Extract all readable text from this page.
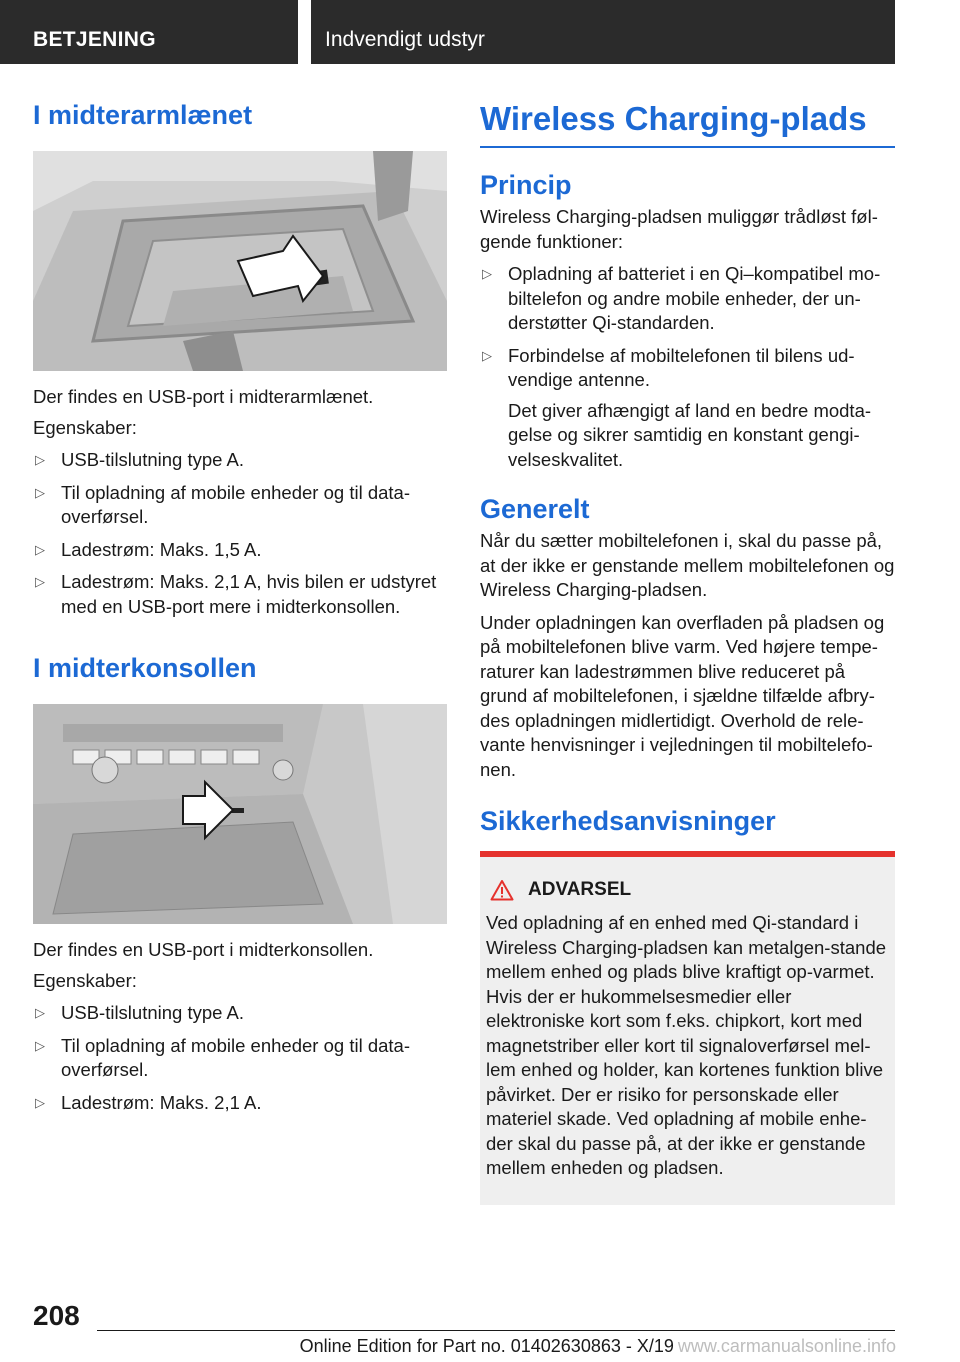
BETJENING	Indvendigt udstyr
I midterarmlænet

Der findes en USB-port i midterarmlænet.

Egenskaber:

▷ USB-tilslutning type A.
▷ Til opladning af mobile enheder og til data-overførsel.
▷ Ladestrøm: Maks. 1,5 A.
▷ Ladestrøm: Maks. 2,1 A, hvis bilen er udstyret med en USB-port mere i midterkonsollen.
I midterkonsollen

Der findes en USB-port i midterkonsollen.

Egenskaber:

▷ USB-tilslutning type A.
▷ Til opladning af mobile enheder og til data-overførsel.
▷ Ladestrøm: Maks. 2,1 A.
Wireless Charging-plads
Princip

Wireless Charging-pladsen muliggør trådløst føl-gende funktioner:

▷ Opladning af batteriet i en Qi–kompatibel mo-biltelefon og andre mobile enheder, der un-derstøtter Qi-standarden.
▷ Forbindelse af mobiltelefonen til bilens ud-vendige antenne.

Det giver afhængigt af land en bedre modta-gelse og sikrer samtidig en konstant gengi-velseskvalitet.

Generelt

Når du sætter mobiltelefonen i, skal du passe på, at der ikke er genstande mellem mobiltelefonen og Wireless Charging-pladsen.

Under opladningen kan overfladen på pladsen og på mobiltelefonen blive varm. Ved højere tempe-raturer kan ladestrømmen blive reduceret på grund af mobiltelefonen, i sjældne tilfælde afbry-des opladningen midlertidigt. Overhold de rele-vante henvisninger i vejledningen til mobiltelefo-nen.

Sikkerhedsanvisninger
ADVARSEL

Ved opladning af en enhed med Qi-standard i Wireless Charging-pladsen kan metalgen-stande mellem enhed og plads blive kraftigt op-varmet. Hvis der er hukommelsesmedier eller elektroniske kort som f.eks. chipkort, kort med magnetstriber eller kort til signaloverførsel mel-lem enhed og holder, kan kortenes funktion blive påvirket. Der er risiko for personskade eller materiel skade. Ved opladning af mobile enhe-der skal du passe på, at der ikke er genstande mellem enheden og pladsen.

208
Online Edition for Part no. 01402630863 - X/19 www.carmanualsonline.info
